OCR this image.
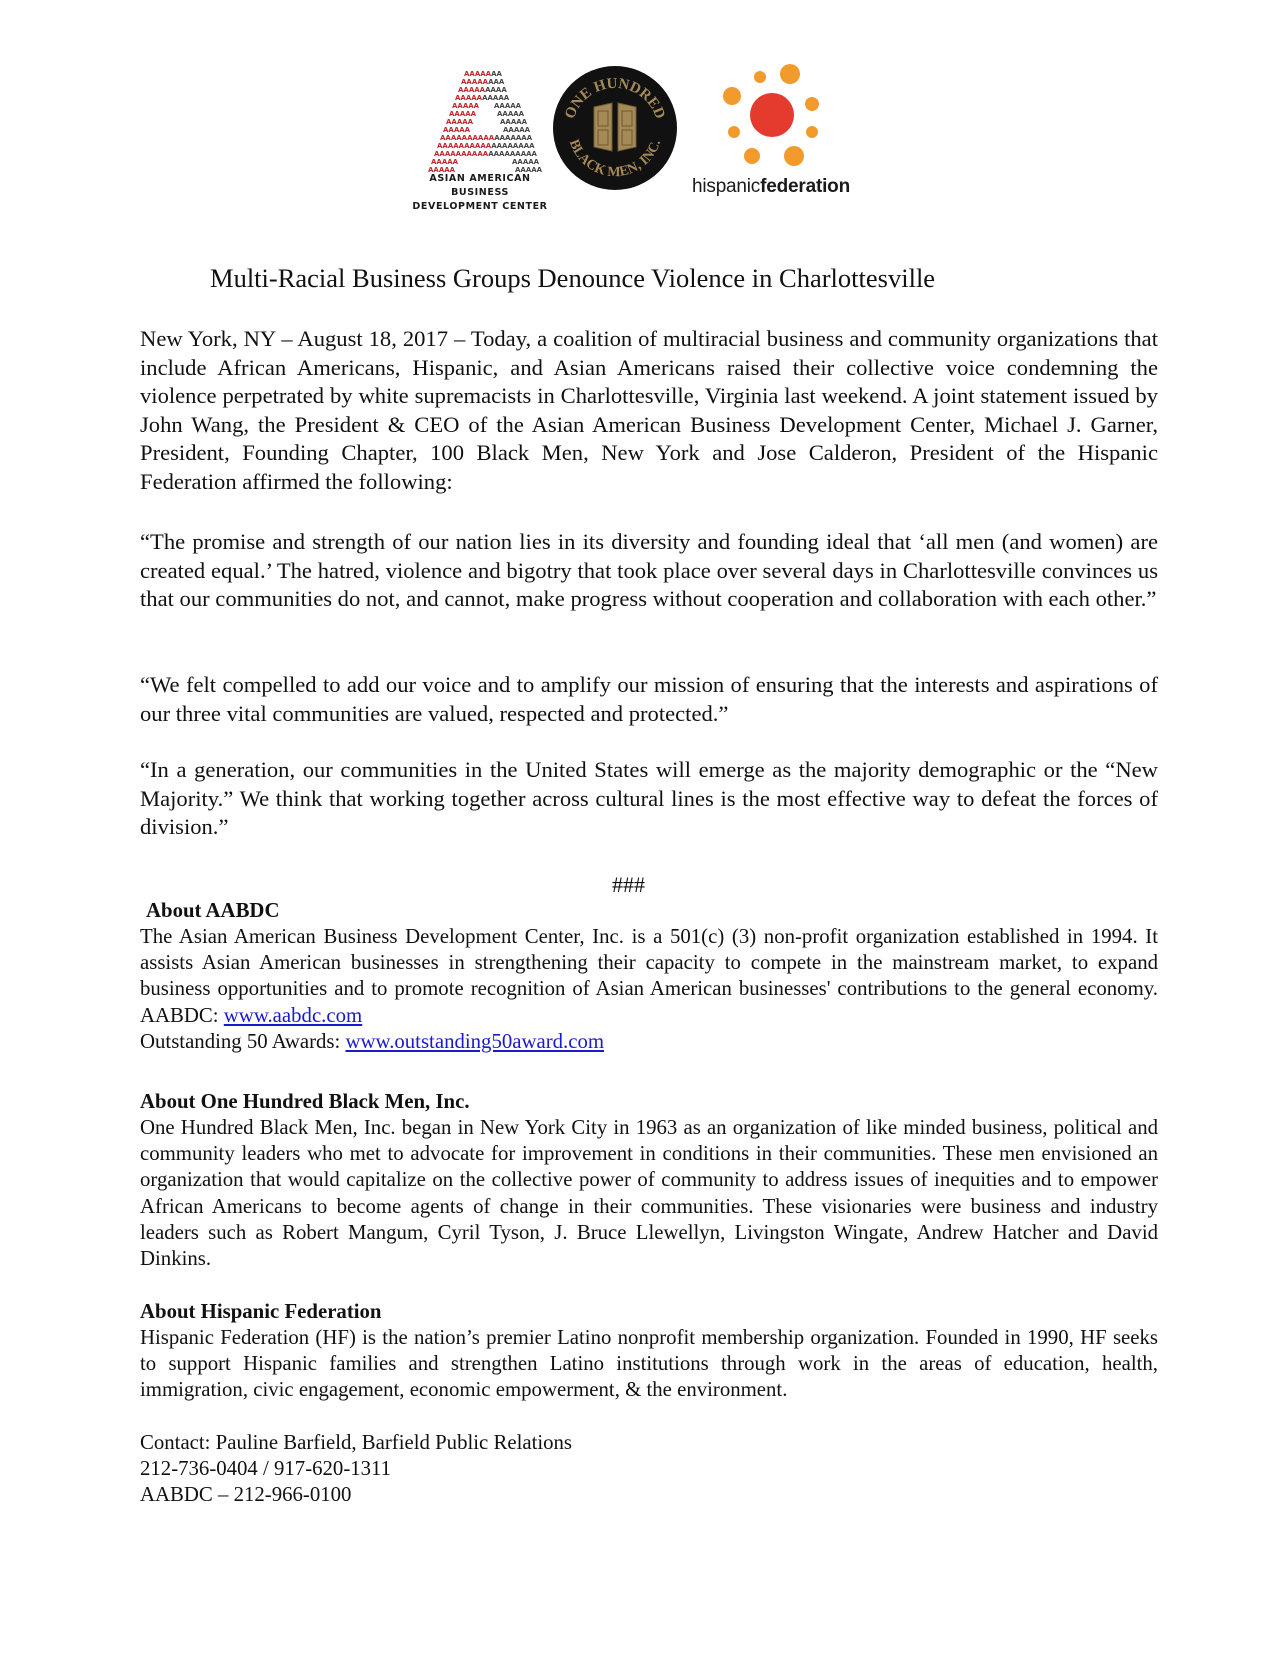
AAAAAAA
AAAAAAAA
AAAAAAAAA
AAAAAAAAAA
AAAAA AAAAA
AAAAA	AAAAA
AAAAA	AAAAA
AAAAA	AAAAA
AAAAAAAAAAAAAAAAA
AAAAAAAAAAAAAAAAAA
AAAAAAAAAAAAAAAAAAA
AAAAA	AAAAA
AAAAA	AAAAA
ASIAN AMERICAN BUSINESS
DEVELOPMENT CENTER
ONE HUNDRED
BLACK MEN, INC.
hispanicfederation
Multi-Racial Business Groups Denounce Violence in Charlottesville
New York, NY – August 18, 2017 – Today, a coalition of multiracial business and community organizations that include African Americans, Hispanic, and Asian Americans raised their collective voice condemning the violence perpetrated by white supremacists in Charlottesville, Virginia last weekend. A joint statement issued by John Wang, the President & CEO of the Asian American Business Development Center, Michael J. Garner, President, Founding Chapter, 100 Black Men, New York and Jose Calderon, President of the Hispanic Federation affirmed the following:
“The promise and strength of our nation lies in its diversity and founding ideal that ‘all men (and women) are created equal.’ The hatred, violence and bigotry that took place over several days in Charlottesville convinces us that our communities do not, and cannot, make progress without cooperation and collaboration with each other.”
“We felt compelled to add our voice and to amplify our mission of ensuring that the interests and aspirations of our three vital communities are valued, respected and protected.”
“In a generation, our communities in the United States will emerge as the majority demographic or the “New Majority.” We think that working together across cultural lines is the most effective way to defeat the forces of division.”
###
About AABDC
The Asian American Business Development Center, Inc. is a 501(c) (3) non-profit organization established in 1994. It assists Asian American businesses in strengthening their capacity to compete in the mainstream market, to expand business opportunities and to promote recognition of Asian American businesses' contributions to the general economy. AABDC: www.aabdc.com
Outstanding 50 Awards: www.outstanding50award.com
About One Hundred Black Men, Inc.
One Hundred Black Men, Inc. began in New York City in 1963 as an organization of like minded business, political and community leaders who met to advocate for improvement in conditions in their communities. These men envisioned an organization that would capitalize on the collective power of community to address issues of inequities and to empower African Americans to become agents of change in their communities. These visionaries were business and industry leaders such as Robert Mangum, Cyril Tyson, J. Bruce Llewellyn, Livingston Wingate, Andrew Hatcher and David Dinkins.
About Hispanic Federation
Hispanic Federation (HF) is the nation’s premier Latino nonprofit membership organization. Founded in 1990, HF seeks to support Hispanic families and strengthen Latino institutions through work in the areas of education, health, immigration, civic engagement, economic empowerment, & the environment.
Contact: Pauline Barfield, Barfield Public Relations
212-736-0404 / 917-620-1311
AABDC – 212-966-0100
